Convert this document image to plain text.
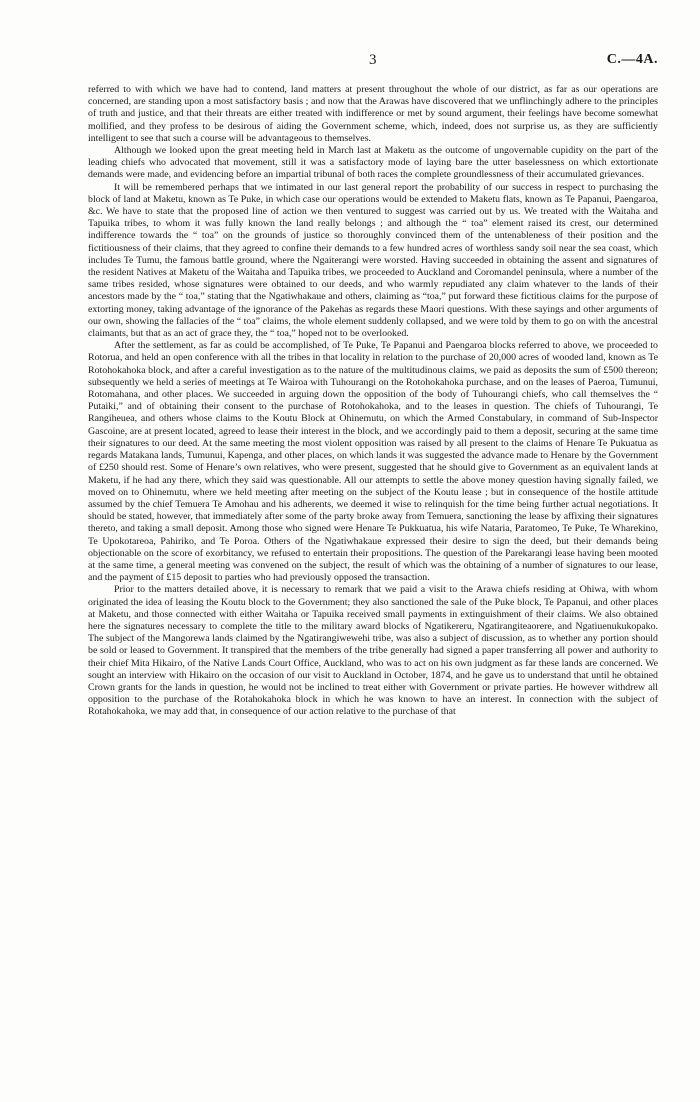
3	C.—4A.

referred to with which we have had to contend, land matters at present throughout the whole of our district, as far as our operations are concerned, are standing upon a most satisfactory basis ; and now that the Arawas have discovered that we unflinchingly adhere to the principles of truth and justice, and that their threats are either treated with indifference or met by sound argument, their feelings have become somewhat mollified, and they profess to be desirous of aiding the Government scheme, which, indeed, does not surprise us, as they are sufficiently intelligent to see that such a course will be advantageous to themselves.

Although we looked upon the great meeting held in March last at Maketu as the outcome of ungovernable cupidity on the part of the leading chiefs who advocated that movement, still it was a satisfactory mode of laying bare the utter baselessness on which extortionate demands were made, and evidencing before an impartial tribunal of both races the complete groundlessness of their accumulated grievances.

It will be remembered perhaps that we intimated in our last general report the probability of our success in respect to purchasing the block of land at Maketu, known as Te Puke, in which case our operations would be extended to Maketu flats, known as Te Papanui, Paengaroa, &c. We have to state that the proposed line of action we then ventured to suggest was carried out by us. We treated with the Waitaha and Tapuika tribes, to whom it was fully known the land really belongs ; and although the “ toa” element raised its crest, our determined indifference towards the “ toa” on the grounds of justice so thoroughly convinced them of the untenableness of their position and the fictitiousness of their claims, that they agreed to confine their demands to a few hundred acres of worthless sandy soil near the sea coast, which includes Te Tumu, the famous battle ground, where the Ngaiterangi were worsted. Having succeeded in obtaining the assent and signatures of the resident Natives at Maketu of the Waitaha and Tapuika tribes, we proceeded to Auckland and Coromandel peninsula, where a number of the same tribes resided, whose signatures were obtained to our deeds, and who warmly repudiated any claim whatever to the lands of their ancestors made by the “ toa,” stating that the Ngatiwhakaue and others, claiming as “toa,” put forward these fictitious claims for the purpose of extorting money, taking advantage of the ignorance of the Pakehas as regards these Maori questions. With these sayings and other arguments of our own, showing the fallacies of the “ toa” claims, the whole element suddenly collapsed, and we were told by them to go on with the ancestral claimants, but that as an act of grace they, the “ toa,” hoped not to be overlooked.

After the settlement, as far as could be accomplished, of Te Puke, Te Papanui and Paengaroa blocks referred to above, we proceeded to Rotorua, and held an open conference with all the tribes in that locality in relation to the purchase of 20,000 acres of wooded land, known as Te Rotohokahoka block, and after a careful investigation as to the nature of the multitudinous claims, we paid as deposits the sum of £500 thereon; subsequently we held a series of meetings at Te Wairoa with Tuhourangi on the Rotohokahoka purchase, and on the leases of Paeroa, Tumunui, Rotomahana, and other places. We succeeded in arguing down the opposition of the body of Tuhourangi chiefs, who call themselves the “ Putaiki,” and of obtaining their consent to the purchase of Rotohokahoka, and to the leases in question. The chiefs of Tuhourangi, Te Rangiheuea, and others whose claims to the Koutu Block at Ohinemutu, on which the Armed Constabulary, in command of Sub-Inspector Gascoine, are at present located, agreed to lease their interest in the block, and we accordingly paid to them a deposit, securing at the same time their signatures to our deed. At the same meeting the most violent opposition was raised by all present to the claims of Henare Te Pukuatua as regards Matakana lands, Tumunui, Kapenga, and other places, on which lands it was suggested the advance made to Henare by the Government of £250 should rest. Some of Henare’s own relatives, who were present, suggested that he should give to Government as an equivalent lands at Maketu, if he had any there, which they said was questionable. All our attempts to settle the above money question having signally failed, we moved on to Ohinemutu, where we held meeting after meeting on the subject of the Koutu lease ; but in consequence of the hostile attitude assumed by the chief Temuera Te Amohau and his adherents, we deemed it wise to relinquish for the time being further actual negotiations. It should be stated, however, that immediately after some of the party broke away from Temuera, sanctioning the lease by affixing their signatures thereto, and taking a small deposit. Among those who signed were Henare Te Pukkuatua, his wife Nataria, Paratomeo, Te Puke, Te Wharekino, Te Upokotareoa, Pahiriko, and Te Poroa. Others of the Ngatiwhakaue expressed their desire to sign the deed, but their demands being objectionable on the score of exorbitancy, we refused to entertain their propositions. The question of the Parekarangi lease having been mooted at the same time, a general meeting was convened on the subject, the result of which was the obtaining of a number of signatures to our lease, and the payment of £15 deposit to parties who had previously opposed the transaction.

Prior to the matters detailed above, it is necessary to remark that we paid a visit to the Arawa chiefs residing at Ohiwa, with whom originated the idea of leasing the Koutu block to the Government; they also sanctioned the sale of the Puke block, Te Papanui, and other places at Maketu, and those connected with either Waitaha or Tapuika received small payments in extinguishment of their claims. We also obtained here the signatures necessary to complete the title to the military award blocks of Ngatikereru, Ngatirangiteaorere, and Ngatiuenukukopako. The subject of the Mangorewa lands claimed by the Ngatirangiwewehi tribe, was also a subject of discussion, as to whether any portion should be sold or leased to Government. It transpired that the members of the tribe generally had signed a paper transferring all power and authority to their chief Mita Hikairo, of the Native Lands Court Office, Auckland, who was to act on his own judgment as far these lands are concerned. We sought an interview with Hikairo on the occasion of our visit to Auckland in October, 1874, and he gave us to understand that until he obtained Crown grants for the lands in question, he would not be inclined to treat either with Government or private parties. He however withdrew all opposition to the purchase of the Rotahokahoka block in which he was known to have an interest. In connection with the subject of Rotahokahoka, we may add that, in consequence of our action relative to the purchase of that
